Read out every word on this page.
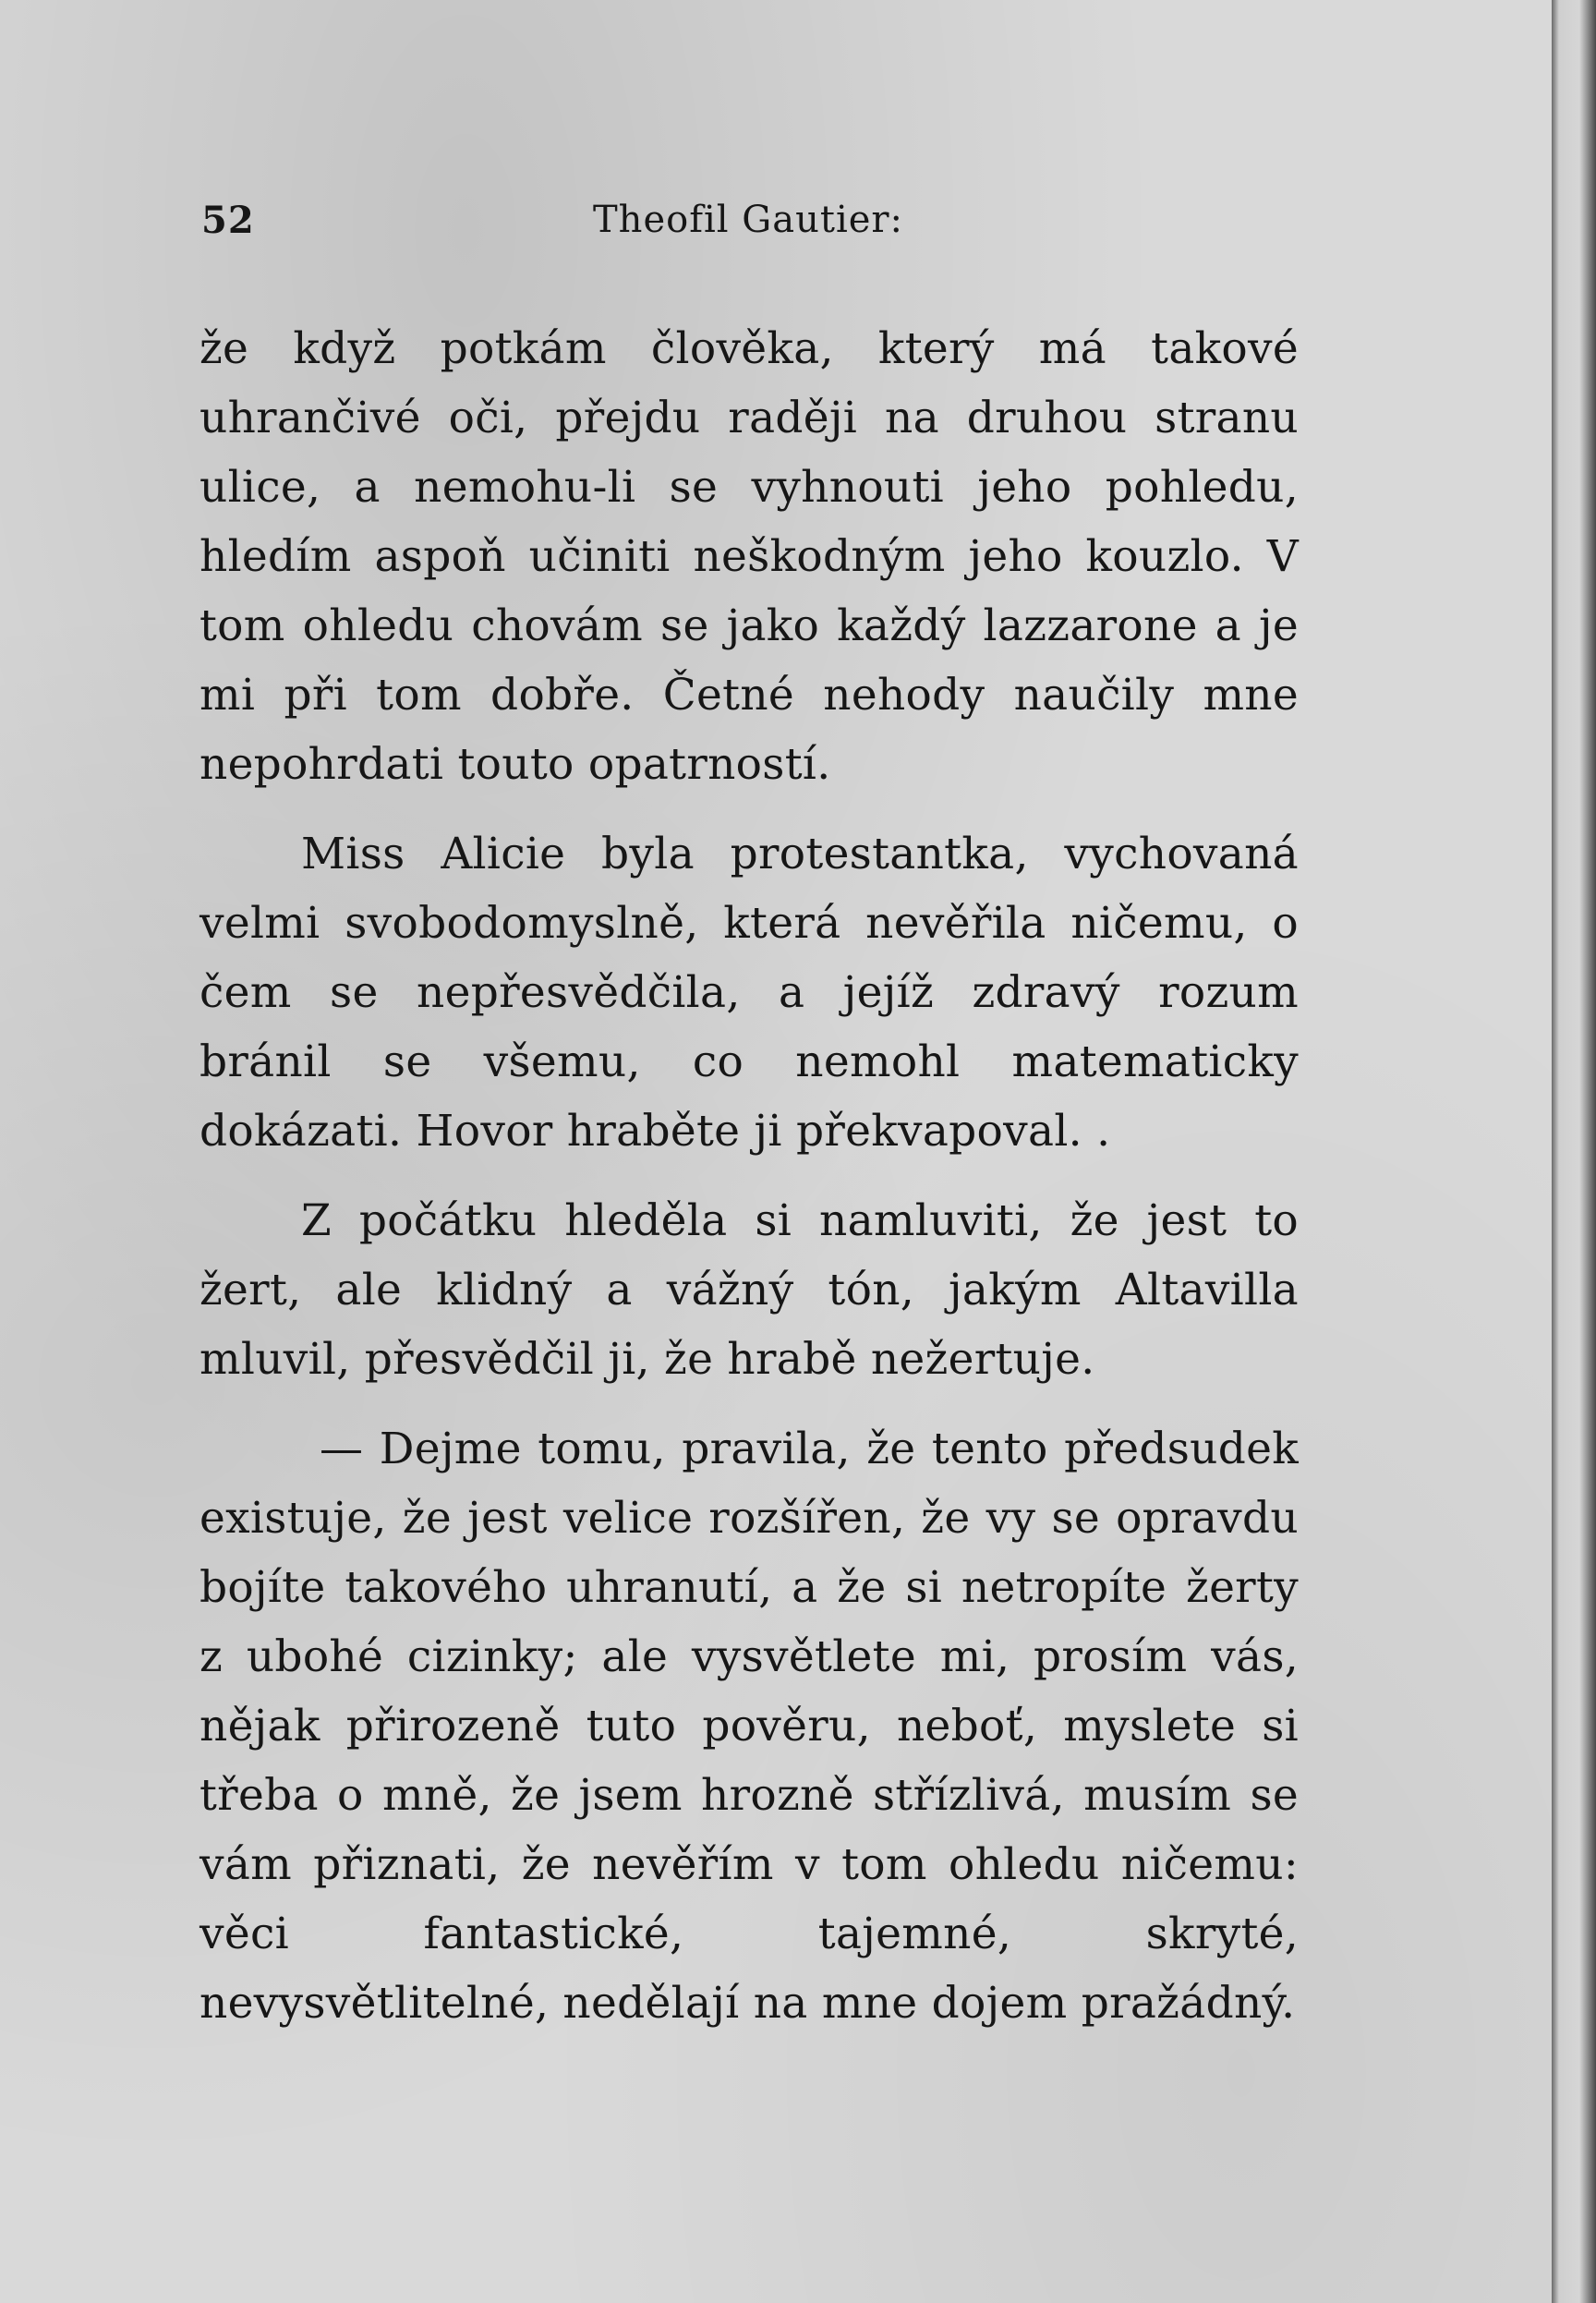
52	Theofil Gautier:

že když potkám člověka, který má takové uhrančivé oči, přejdu raději na druhou stranu ulice, a nemohu-li se vyhnouti jeho pohledu, hledím aspoň učiniti neškodným jeho kouzlo. V tom ohledu chovám se jako každý lazzarone a je mi při tom dobře. Četné nehody naučily mne nepohrdati touto opatrností.

Miss Alicie byla protestantka, vychovaná velmi svobodomyslně, která nevěřila ničemu, o čem se nepřesvědčila, a jejíž zdravý rozum bránil se všemu, co nemohl matematicky dokázati. Hovor hraběte ji překvapoval. .

Z počátku hleděla si namluviti, že jest to žert, ale klidný a vážný tón, jakým Altavilla mluvil, přesvědčil ji, že hrabě nežertuje.

— Dejme tomu, pravila, že tento předsudek existuje, že jest velice rozšířen, že vy se opravdu bojíte takového uhranutí, a že si netropíte žerty z ubohé cizinky; ale vysvětlete mi, prosím vás, nějak přirozeně tuto pověru, neboť, myslete si třeba o mně, že jsem hrozně střízlivá, musím se vám přiznati, že nevěřím v tom ohledu ničemu: věci fantastické, tajemné, skryté, nevysvětlitelné, nedělají na mne dojem pražádný.
